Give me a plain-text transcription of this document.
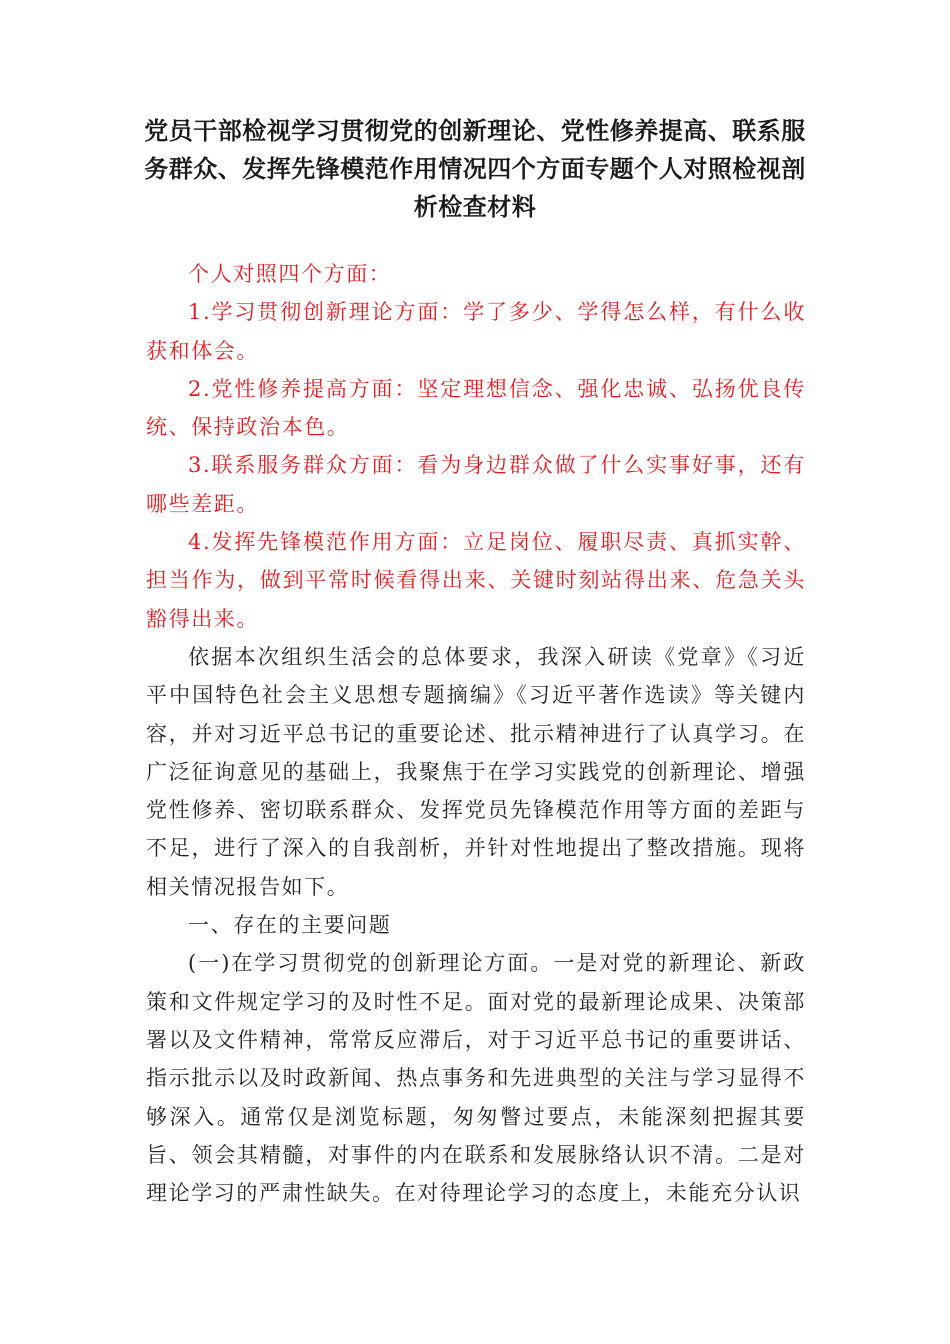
党员干部检视学习贯彻党的创新理论、党性修养提高、联系服务群众、发挥先锋模范作用情况四个方面专题个人对照检视剖析检查材料

个人对照四个方面：

1.学习贯彻创新理论方面：学了多少、学得怎么样，有什么收获和体会。

2.党性修养提高方面：坚定理想信念、强化忠诚、弘扬优良传统、保持政治本色。

3.联系服务群众方面：看为身边群众做了什么实事好事，还有哪些差距。

4.发挥先锋模范作用方面：立足岗位、履职尽责、真抓实幹、担当作为，做到平常时候看得出来、关键时刻站得出来、危急关头豁得出来。

依据本次组织生活会的总体要求，我深入研读《党章》《习近平中国特色社会主义思想专题摘编》《习近平著作选读》等关键内容，并对习近平总书记的重要论述、批示精神进行了认真学习。在广泛征询意见的基础上，我聚焦于在学习实践党的创新理论、增强党性修养、密切联系群众、发挥党员先锋模范作用等方面的差距与不足，进行了深入的自我剖析，并针对性地提出了整改措施。现将相关情况报告如下。

一、存在的主要问题

(一)在学习贯彻党的创新理论方面。一是对党的新理论、新政策和文件规定学习的及时性不足。面对党的最新理论成果、决策部署以及文件精神，常常反应滞后，对于习近平总书记的重要讲话、指示批示以及时政新闻、热点事务和先进典型的关注与学习显得不够深入。通常仅是浏览标题，匆匆瞥过要点，未能深刻把握其要旨、领会其精髓，对事件的内在联系和发展脉络认识不清。二是对理论学习的严肃性缺失。在对待理论学习的态度上，未能充分认识
